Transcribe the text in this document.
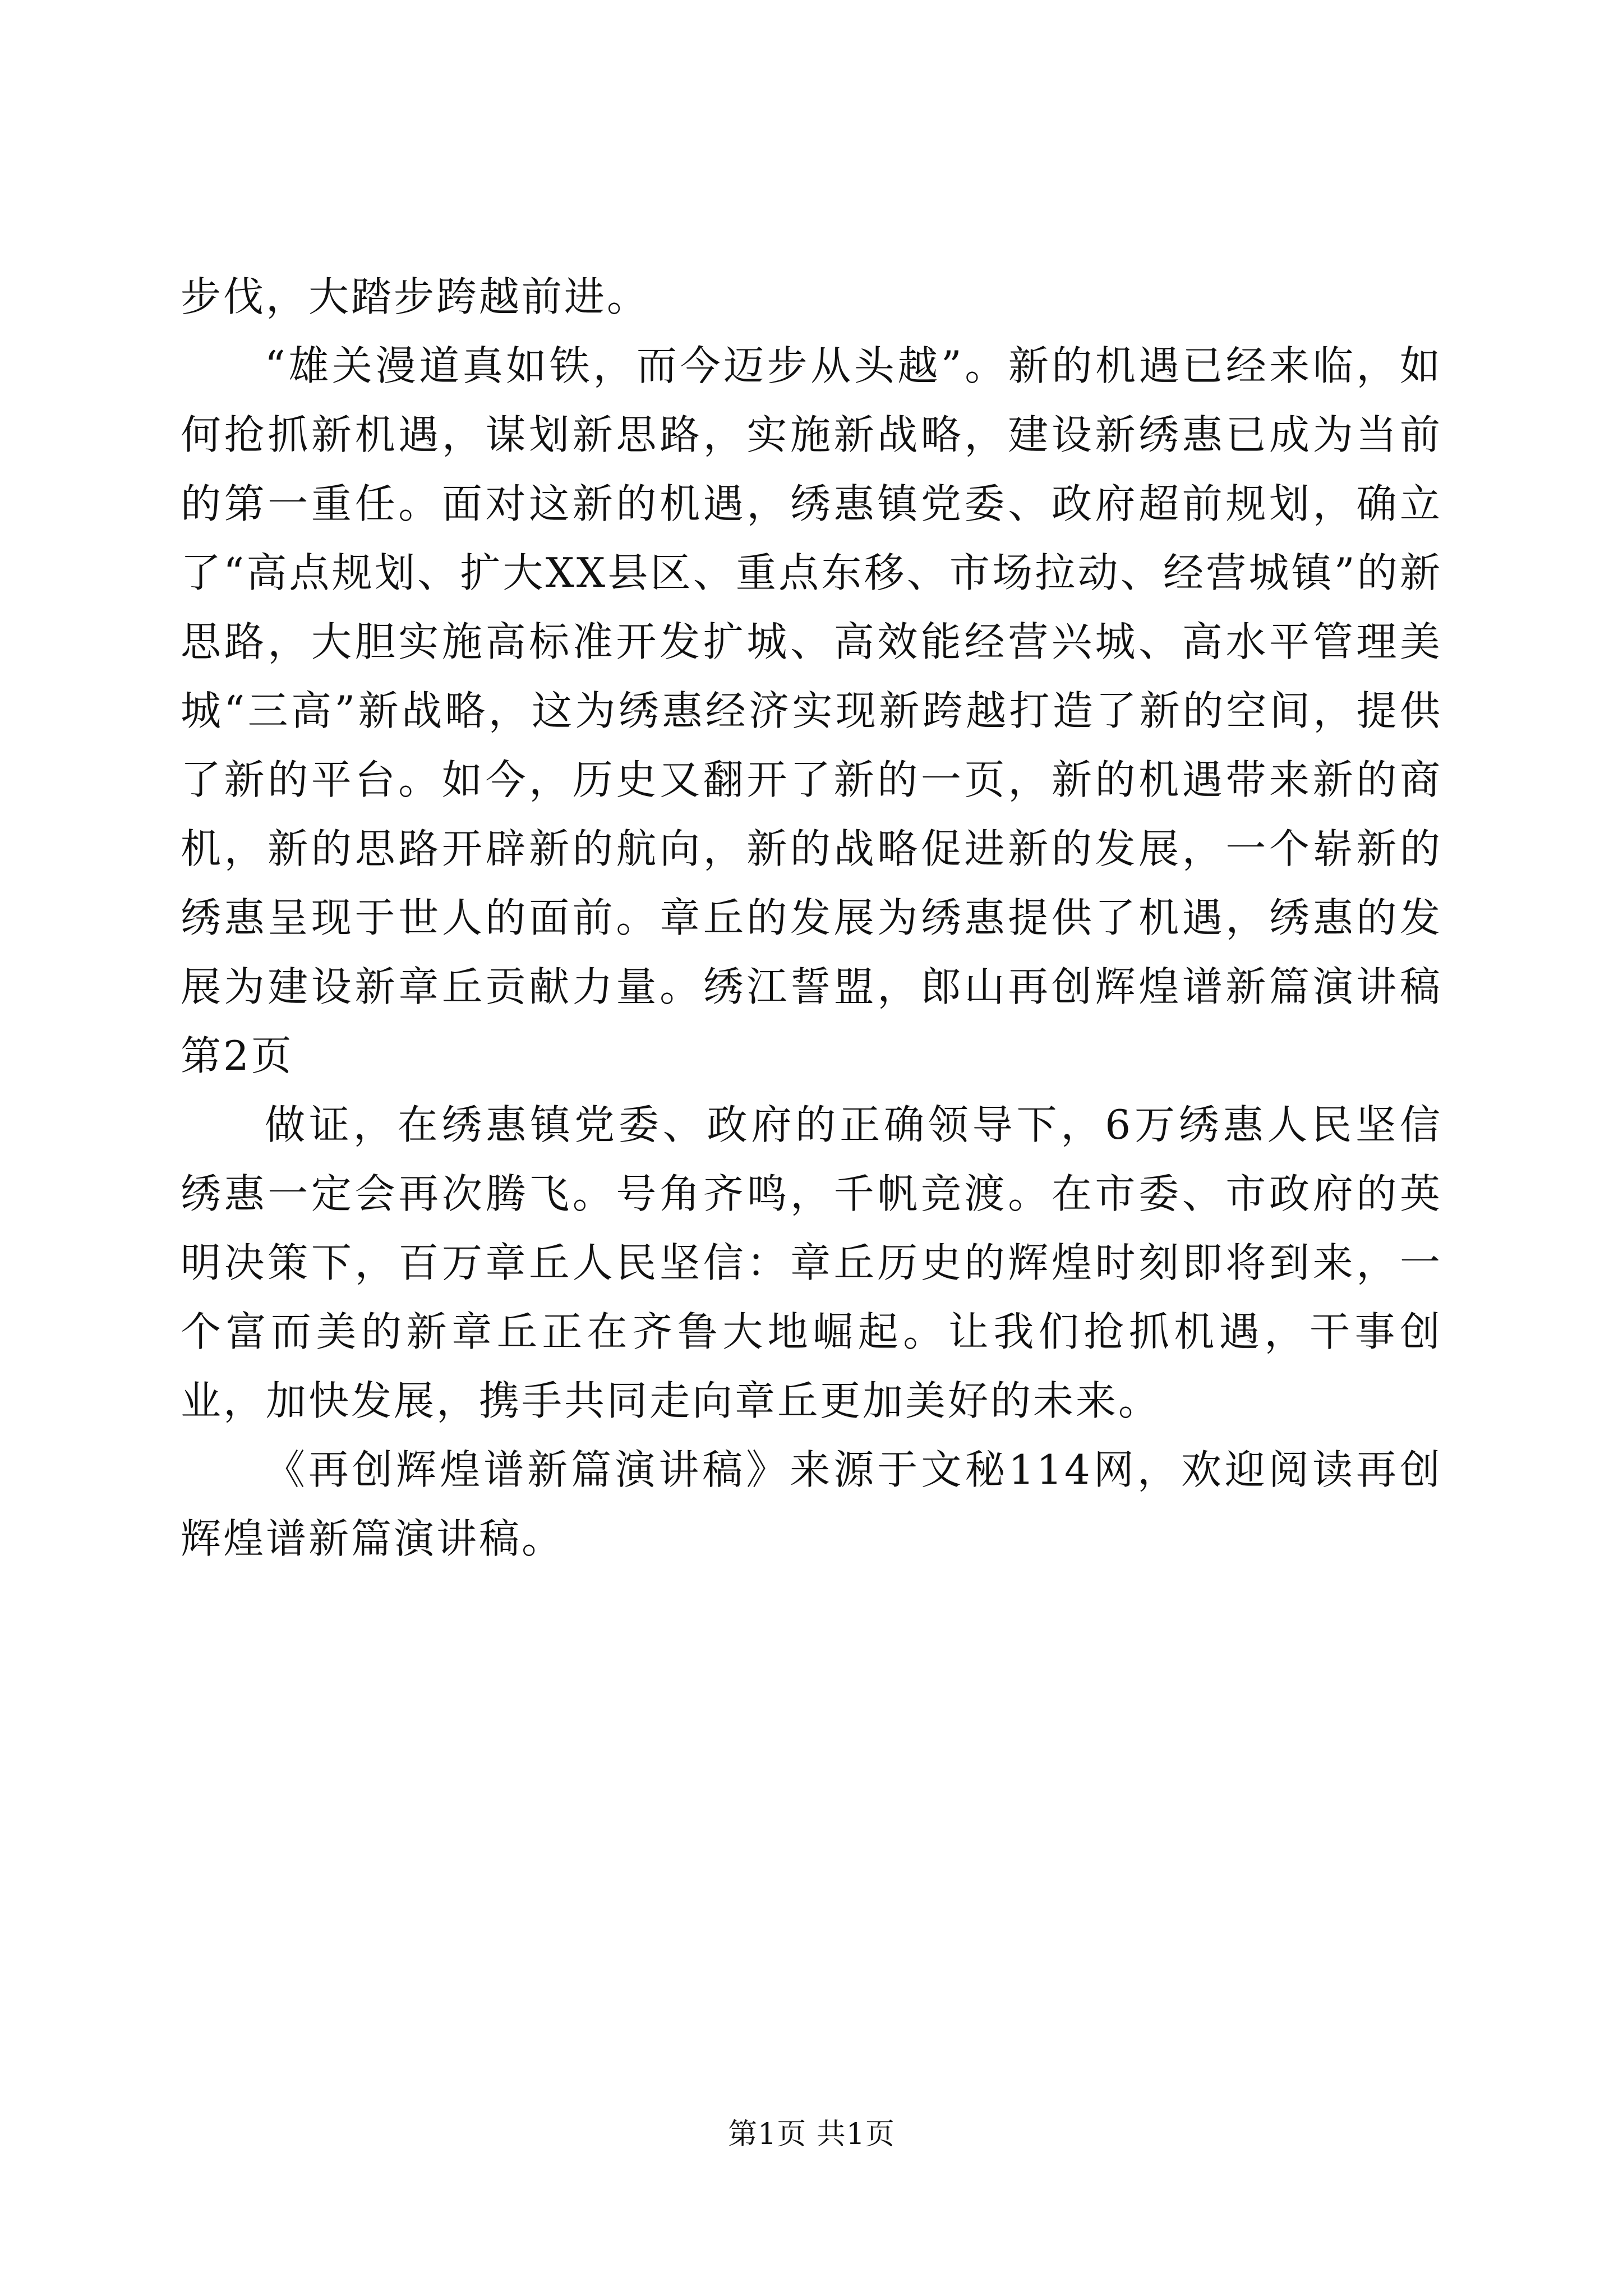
步伐，大踏步跨越前进。

“雄关漫道真如铁，而今迈步从头越”。新的机遇已经来临，如何抢抓新机遇，谋划新思路，实施新战略，建设新绣惠已成为当前的第一重任。面对这新的机遇，绣惠镇党委、政府超前规划，确立了“高点规划、扩大XX县区、重点东移、市场拉动、经营城镇”的新思路，大胆实施高标准开发扩城、高效能经营兴城、高水平管理美城“三高”新战略，这为绣惠经济实现新跨越打造了新的空间，提供了新的平台。如今，历史又翻开了新的一页，新的机遇带来新的商机，新的思路开辟新的航向，新的战略促进新的发展，一个崭新的绣惠呈现于世人的面前。章丘的发展为绣惠提供了机遇，绣惠的发展为建设新章丘贡献力量。绣江誓盟，郎山再创辉煌谱新篇演讲稿第2页

做证，在绣惠镇党委、政府的正确领导下，6万绣惠人民坚信绣惠一定会再次腾飞。号角齐鸣，千帆竞渡。在市委、市政府的英明决策下，百万章丘人民坚信：章丘历史的辉煌时刻即将到来，一个富而美的新章丘正在齐鲁大地崛起。让我们抢抓机遇，干事创业，加快发展，携手共同走向章丘更加美好的未来。

《再创辉煌谱新篇演讲稿》来源于文秘114网，欢迎阅读再创辉煌谱新篇演讲稿。

第1页 共1页
